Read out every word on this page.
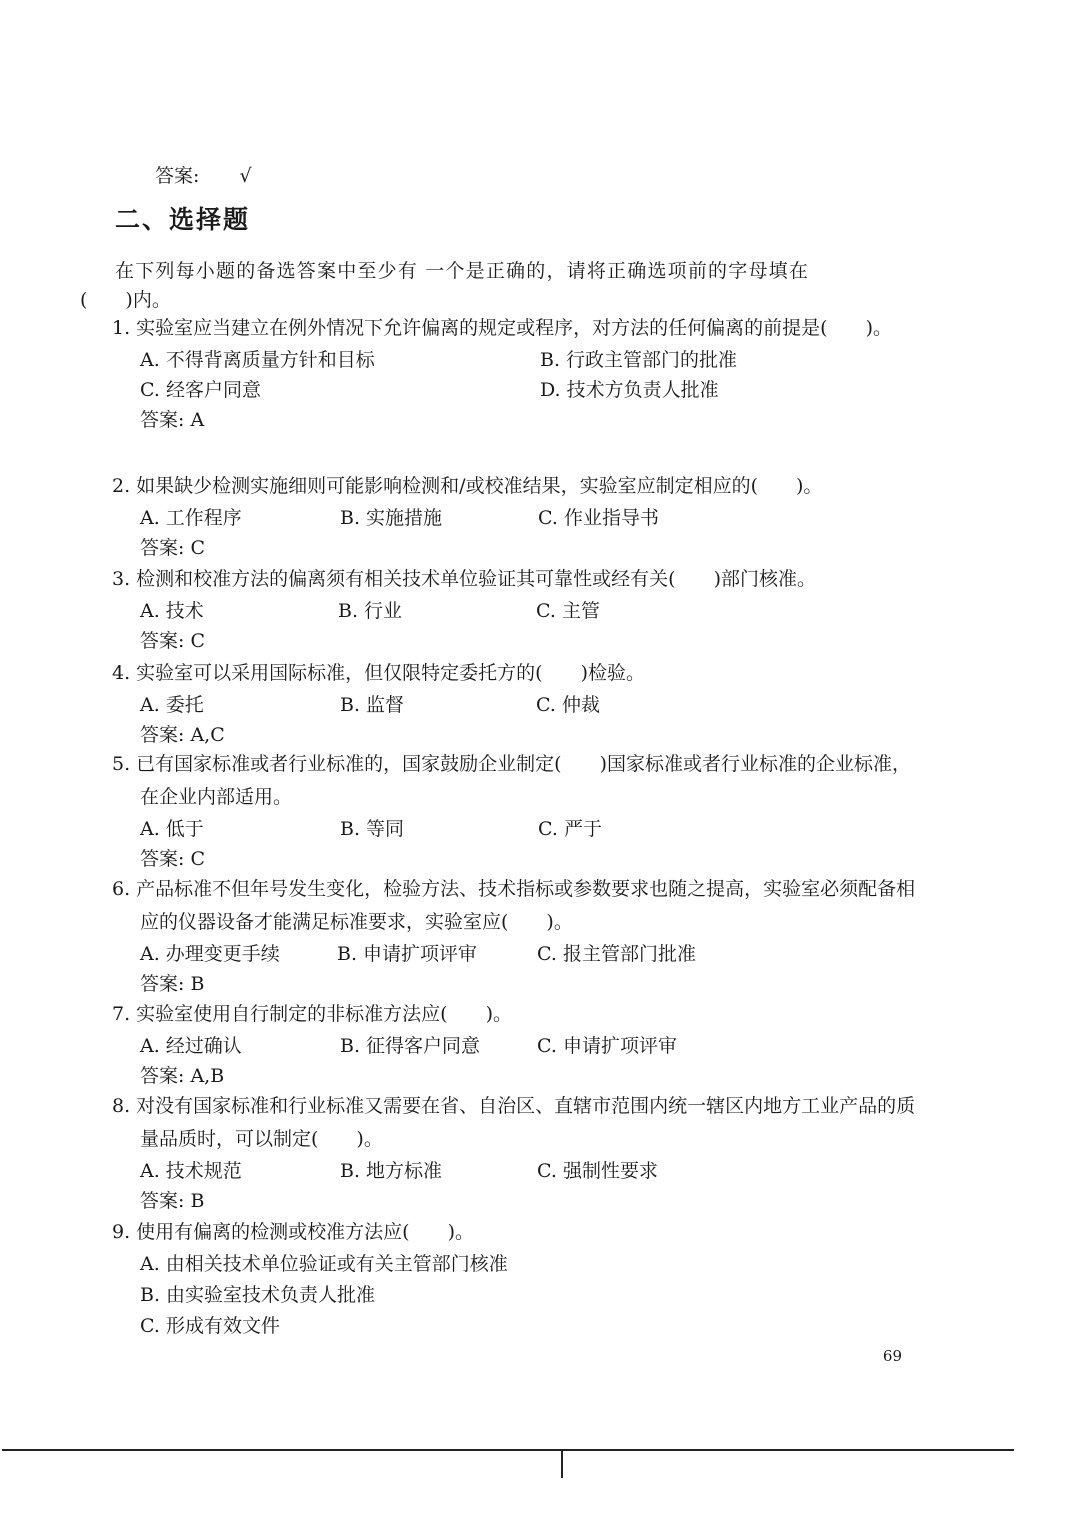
答案: √
二、选择题
在下列每小题的备选答案中至少有 一个是正确的，请将正确选项前的字母填在
(　　)内。
1. 实验室应当建立在例外情况下允许偏离的规定或程序，对方法的任何偏离的前提是(　　)。
A. 不得背离质量方针和目标	B. 行政主管部门的批准
C. 经客户同意	D. 技术方负责人批准
答案: A
2. 如果缺少检测实施细则可能影响检测和/或校准结果，实验室应制定相应的(　　)。
A. 工作程序	B. 实施措施	C. 作业指导书
答案: C
3. 检测和校准方法的偏离须有相关技术单位验证其可靠性或经有关(　　)部门核准。
A. 技术	B. 行业	C. 主管
答案: C
4. 实验室可以采用国际标准，但仅限特定委托方的(　　)检验。
A. 委托	B. 监督	C. 仲裁
答案: A,C
5. 已有国家标准或者行业标准的，国家鼓励企业制定(　　)国家标准或者行业标准的企业标准，在企业内部适用。
A. 低于	B. 等同	C. 严于
答案: C
6. 产品标准不但年号发生变化，检验方法、技术指标或参数要求也随之提高，实验室必须配备相应的仪器设备才能满足标准要求，实验室应(　　)。
A. 办理变更手续	B. 申请扩项评审	C. 报主管部门批准
答案: B
7. 实验室使用自行制定的非标准方法应(　　)。
A. 经过确认	B. 征得客户同意	C. 申请扩项评审
答案: A,B
8. 对没有国家标准和行业标准又需要在省、自治区、直辖市范围内统一辖区内地方工业产品的质量品质时，可以制定(　　)。
A. 技术规范	B. 地方标准	C. 强制性要求
答案: B
9. 使用有偏离的检测或校准方法应(　　)。
A. 由相关技术单位验证或有关主管部门核准
B. 由实验室技术负责人批准
C. 形成有效文件
69
